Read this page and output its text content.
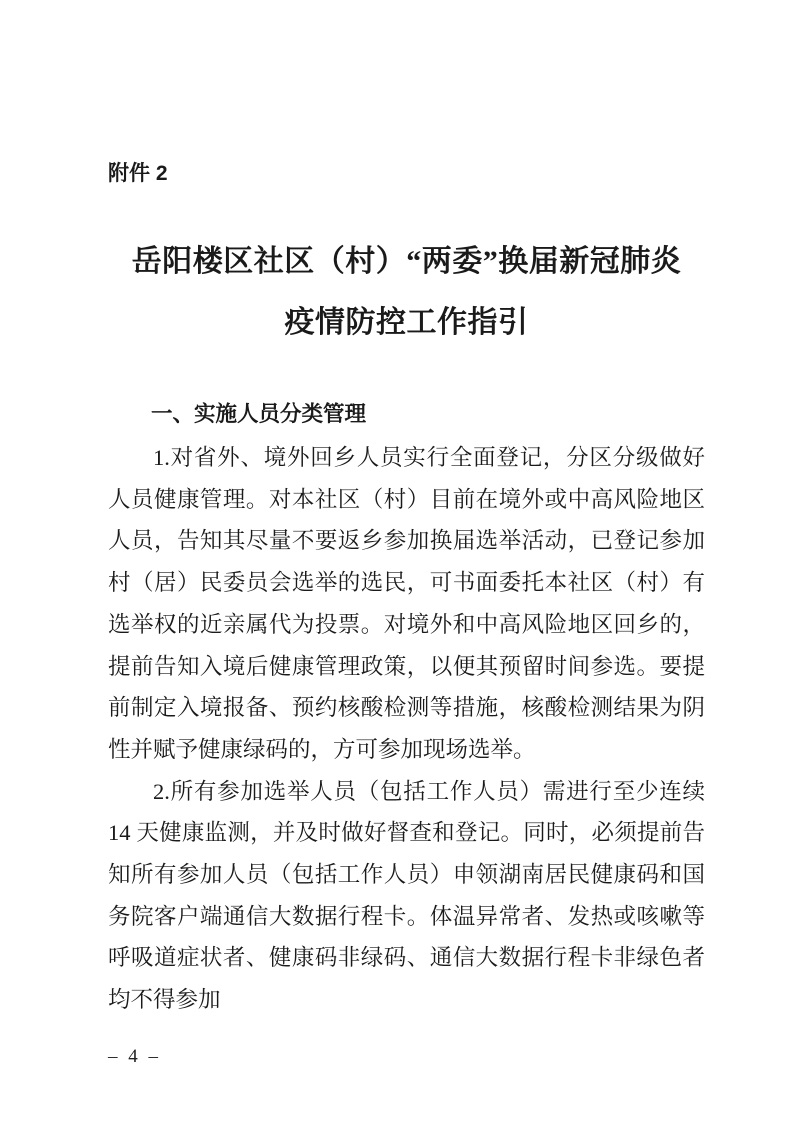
附件 2
岳阳楼区社区（村）“两委”换届新冠肺炎
疫情防控工作指引
一、实施人员分类管理

1.对省外、境外回乡人员实行全面登记，分区分级做好人员健康管理。对本社区（村）目前在境外或中高风险地区人员，告知其尽量不要返乡参加换届选举活动，已登记参加村（居）民委员会选举的选民，可书面委托本社区（村）有选举权的近亲属代为投票。对境外和中高风险地区回乡的，提前告知入境后健康管理政策，以便其预留时间参选。要提前制定入境报备、预约核酸检测等措施，核酸检测结果为阴性并赋予健康绿码的，方可参加现场选举。

2.所有参加选举人员（包括工作人员）需进行至少连续 14 天健康监测，并及时做好督查和登记。同时，必须提前告知所有参加人员（包括工作人员）申领湖南居民健康码和国务院客户端通信大数据行程卡。体温异常者、发热或咳嗽等呼吸道症状者、健康码非绿码、通信大数据行程卡非绿色者均不得参加

– 4 –
